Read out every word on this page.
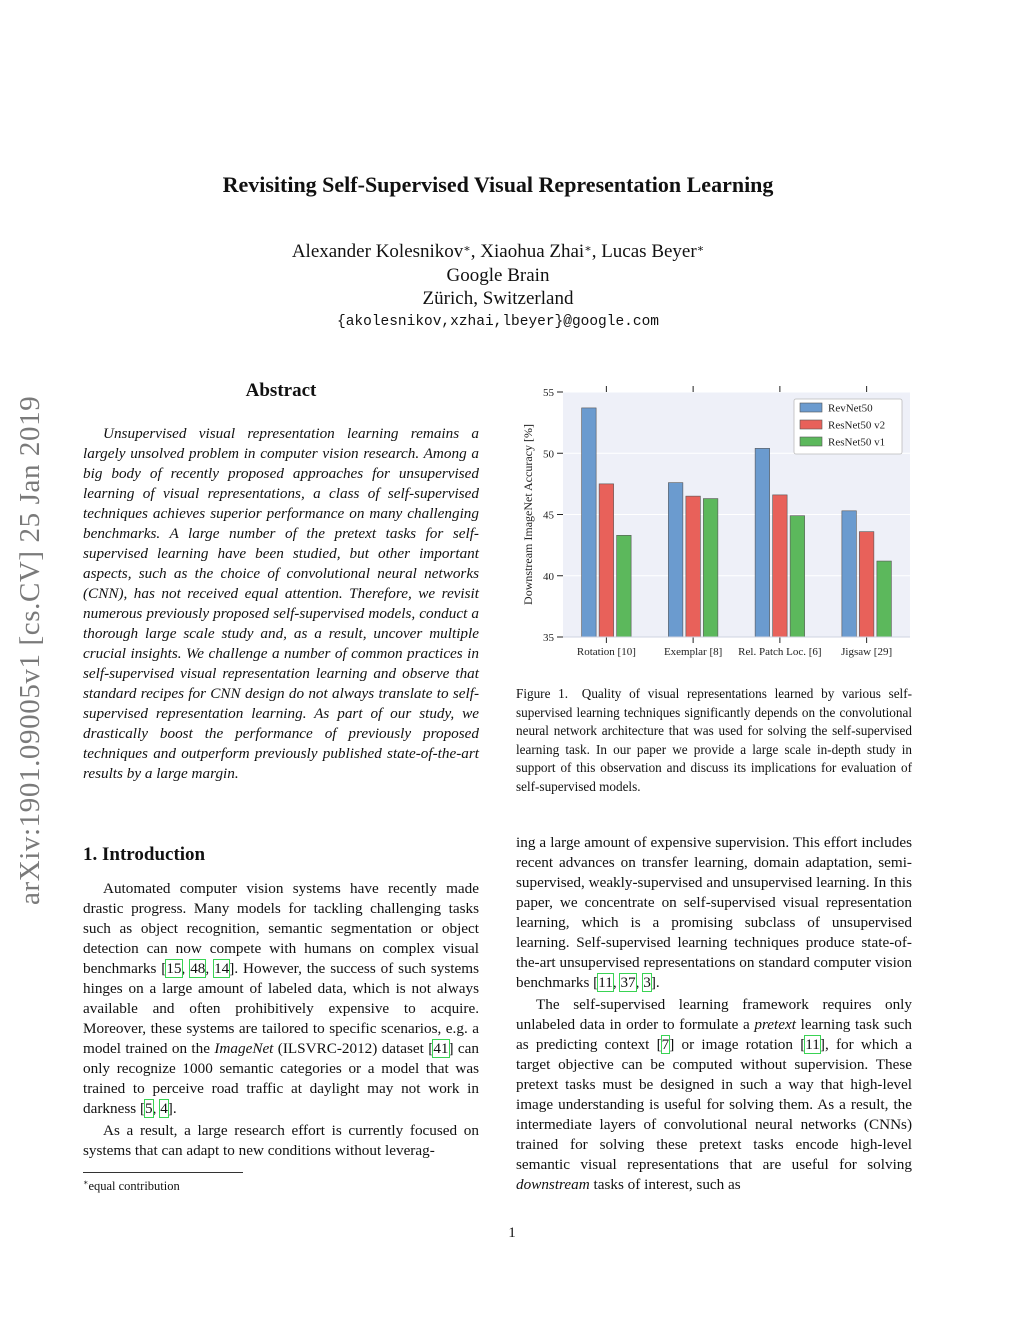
arXiv:1901.09005v1 [cs.CV] 25 Jan 2019
Revisiting Self-Supervised Visual Representation Learning
Alexander Kolesnikov∗, Xiaohua Zhai∗, Lucas Beyer∗
Google Brain
Zürich, Switzerland
{akolesnikov,xzhai,lbeyer}@google.com
Abstract
Unsupervised visual representation learning remains a largely unsolved problem in computer vision research. Among a big body of recently proposed approaches for unsupervised learning of visual representations, a class of self-supervised techniques achieves superior performance on many challenging benchmarks. A large number of the pretext tasks for self-supervised learning have been studied, but other important aspects, such as the choice of convolutional neural networks (CNN), has not received equal attention. Therefore, we revisit numerous previously proposed self-supervised models, conduct a thorough large scale study and, as a result, uncover multiple crucial insights. We challenge a number of common practices in self-supervised visual representation learning and observe that standard recipes for CNN design do not always translate to self-supervised representation learning. As part of our study, we drastically boost the performance of previously proposed techniques and outperform previously published state-of-the-art results by a large margin.
1. Introduction

Automated computer vision systems have recently made drastic progress. Many models for tackling challenging tasks such as object recognition, semantic segmentation or object detection can now compete with humans on complex visual benchmarks [15, 48, 14]. However, the success of such systems hinges on a large amount of labeled data, which is not always available and often prohibitively expensive to acquire. Moreover, these systems are tailored to specific scenarios, e.g. a model trained on the ImageNet (ILSVRC-2012) dataset [41] can only recognize 1000 semantic categories or a model that was trained to perceive road traffic at daylight may not work in darkness [5, 4].

As a result, a large research effort is currently focused on systems that can adapt to new conditions without leverag-

∗equal contribution
35
40
45
50
55
Downstream ImageNet Accuracy [%]
Rotation [10]	Exemplar [8] Rel. Patch Loc. [6] Jigsaw [29]
RevNet50
ResNet50 v2
ResNet50 v1
Figure 1. Quality of visual representations learned by various self-supervised learning techniques significantly depends on the convolutional neural network architecture that was used for solving the self-supervised learning task. In our paper we provide a large scale in-depth study in support of this observation and discuss its implications for evaluation of self-supervised models.

ing a large amount of expensive supervision. This effort includes recent advances on transfer learning, domain adaptation, semi-supervised, weakly-supervised and unsupervised learning. In this paper, we concentrate on self-supervised visual representation learning, which is a promising subclass of unsupervised learning. Self-supervised learning techniques produce state-of-the-art unsupervised representations on standard computer vision benchmarks [11, 37, 3].

The self-supervised learning framework requires only unlabeled data in order to formulate a pretext learning task such as predicting context [7] or image rotation [11], for which a target objective can be computed without supervision. These pretext tasks must be designed in such a way that high-level image understanding is useful for solving them. As a result, the intermediate layers of convolutional neural networks (CNNs) trained for solving these pretext tasks encode high-level semantic visual representations that are useful for solving downstream tasks of interest, such as

1
